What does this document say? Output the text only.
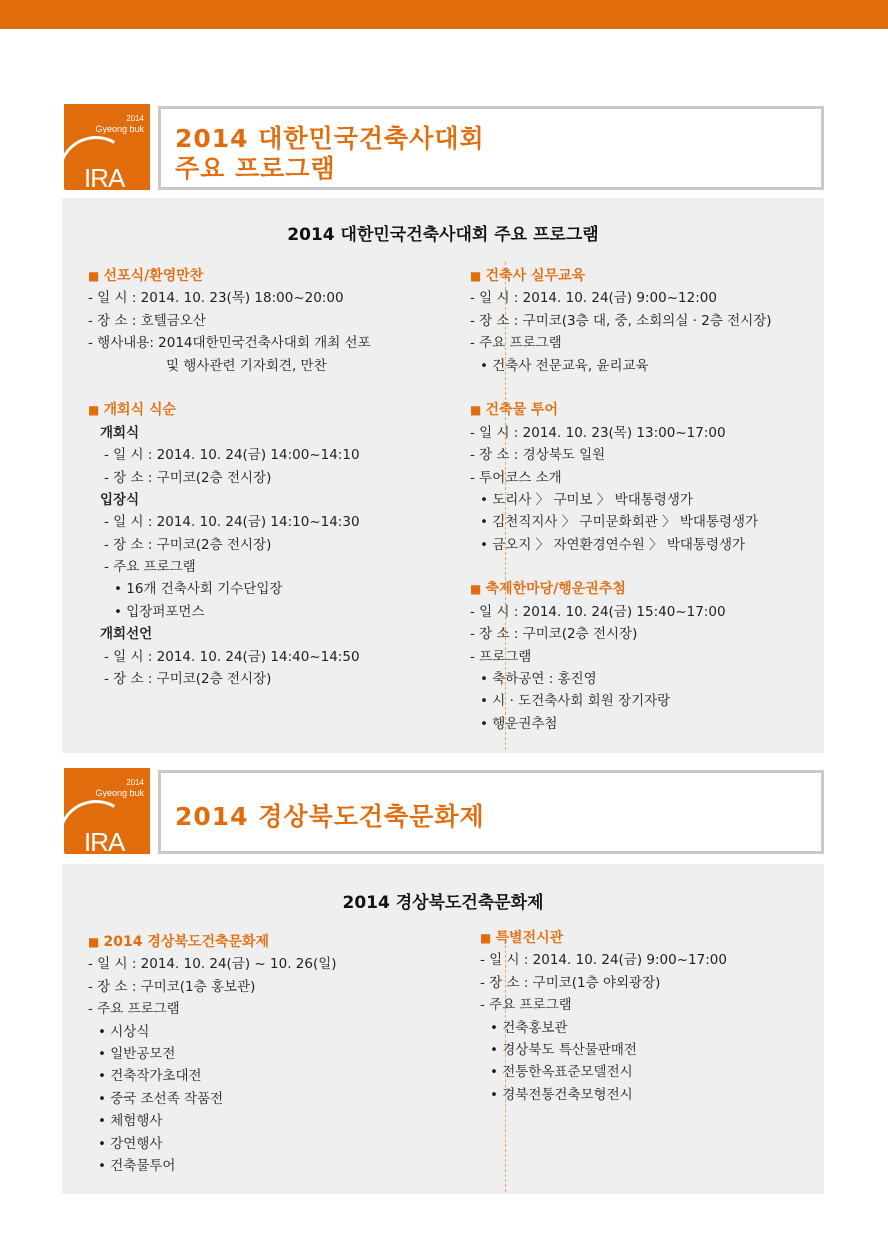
2014
Gyeong buk
IRA
2014 대한민국건축사대회
주요 프로그램
2014 대한민국건축사대회 주요 프로그램
■ 선포식/환영만찬
- 일 시 : 2014. 10. 23(목) 18:00~20:00
- 장 소 : 호텔금오산
- 행사내용: 2014대한민국건축사대회 개최 선포
및 행사관련 기자회견, 만찬
■ 개회식 식순
개회식
- 일 시 : 2014. 10. 24(금) 14:00~14:10
- 장 소 : 구미코(2층 전시장)
입장식
- 일 시 : 2014. 10. 24(금) 14:10~14:30
- 장 소 : 구미코(2층 전시장)
- 주요 프로그램
• 16개 건축사회 기수단입장
• 입장퍼포먼스
개회선언
- 일 시 : 2014. 10. 24(금) 14:40~14:50
- 장 소 : 구미코(2층 전시장)
■ 건축사 실무교육
- 일 시 : 2014. 10. 24(금) 9:00~12:00
- 장 소 : 구미코(3층 대, 중, 소회의실 · 2층 전시장)
- 주요 프로그램
• 건축사 전문교육, 윤리교육
■ 건축물 투어
- 일 시 : 2014. 10. 23(목) 13:00~17:00
- 장 소 : 경상북도 일원
- 투어코스 소개
• 도리사 〉 구미보 〉 박대통령생가
• 김천직지사 〉 구미문화회관 〉 박대통령생가
• 금오지 〉 자연환경연수원 〉 박대통령생가
■ 축제한마당/행운권추첨
- 일 시 : 2014. 10. 24(금) 15:40~17:00
- 장 소 : 구미코(2층 전시장)
- 프로그램
• 축하공연 : 홍진영
• 시 · 도건축사회 회원 장기자랑
• 행운권추첨
2014
Gyeong buk
IRA
2014 경상북도건축문화제
2014 경상북도건축문화제
■ 2014 경상북도건축문화제
- 일 시 : 2014. 10. 24(금) ~ 10. 26(일)
- 장 소 : 구미코(1층 홍보관)
- 주요 프로그램
• 시상식
• 일반공모전
• 건축작가초대전
• 중국 조선족 작품전
• 체험행사
• 강연행사
• 건축물투어
■ 특별전시관
- 일 시 : 2014. 10. 24(금) 9:00~17:00
- 장 소 : 구미코(1층 야외광장)
- 주요 프로그램
• 건축홍보관
• 경상북도 특산물판매전
• 전통한옥표준모델전시
• 경북전통건축모형전시
